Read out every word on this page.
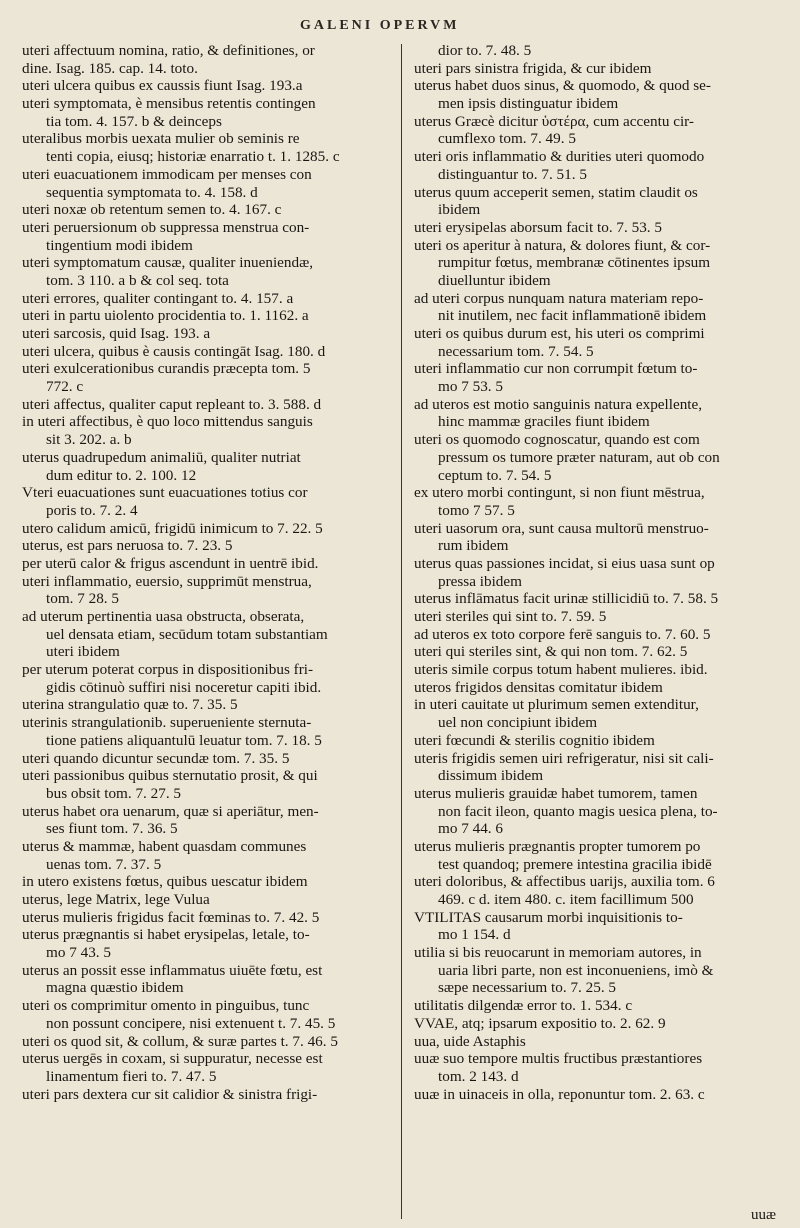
GALENI OPERVM
uteri affectuum nomina, ratio, & definitiones, or
dine. Isag. 185. cap. 14. toto.
uteri ulcera quibus ex caussis fiunt Isag. 193.a
uteri symptomata, è mensibus retentis contingen
tia tom. 4. 157. b & deinceps
uteralibus morbis uexata mulier ob seminis re
tenti copia, eiusq; historiæ enarratio t. 1. 1285. c
uteri euacuationem immodicam per menses con
sequentia symptomata to. 4. 158. d
uteri noxæ ob retentum semen to. 4. 167. c
uteri peruersionum ob suppressa menstrua con-
tingentium modi ibidem
uteri symptomatum causæ, qualiter inueniendæ,
tom. 3 110. a b & col seq. tota
uteri errores, qualiter contingant to. 4. 157. a
uteri in partu uiolento procidentia to. 1. 1162. a
uteri sarcosis, quid Isag. 193. a
uteri ulcera, quibus è causis contingāt Isag. 180. d
uteri exulcerationibus curandis præcepta tom. 5
772. c
uteri affectus, qualiter caput repleant to. 3. 588. d
in uteri affectibus, è quo loco mittendus sanguis
sit 3. 202. a. b
uterus quadrupedum animaliū, qualiter nutriat
dum editur to. 2. 100. 12
Vteri euacuationes sunt euacuationes totius cor
poris to. 7. 2. 4
utero calidum amicū, frigidū inimicum to 7. 22. 5
uterus, est pars neruosa to. 7. 23. 5
per uterū calor & frigus ascendunt in uentrē ibid.
uteri inflammatio, euersio, supprimūt menstrua,
tom. 7 28. 5
ad uterum pertinentia uasa obstructa, obserata,
uel densata etiam, secūdum totam substantiam
uteri ibidem
per uterum poterat corpus in dispositionibus fri-
gidis cōtinuò suffiri nisi noceretur capiti ibid.
uterina strangulatio quæ to. 7. 35. 5
uterinis strangulationib. superueniente sternuta-
tione patiens aliquantulū leuatur tom. 7. 18. 5
uteri quando dicuntur secundæ tom. 7. 35. 5
uteri passionibus quibus sternutatio prosit, & qui
bus obsit tom. 7. 27. 5
uterus habet ora uenarum, quæ si aperiātur, men-
ses fiunt tom. 7. 36. 5
uterus & mammæ, habent quasdam communes
uenas tom. 7. 37. 5
in utero existens fœtus, quibus uescatur ibidem
uterus, lege Matrix, lege Vulua
uterus mulieris frigidus facit fœminas to. 7. 42. 5
uterus prægnantis si habet erysipelas, letale, to-
mo 7 43. 5
uterus an possit esse inflammatus uiuēte fœtu, est
magna quæstio ibidem
uteri os comprimitur omento in pinguibus, tunc
non possunt concipere, nisi extenuent t. 7. 45. 5
uteri os quod sit, & collum, & suræ partes t. 7. 46. 5
uterus uergēs in coxam, si suppuratur, necesse est
linamentum fieri to. 7. 47. 5
uteri pars dextera cur sit calidior & sinistra frigi-
dior to. 7. 48. 5
uteri pars sinistra frigida, & cur ibidem
uterus habet duos sinus, & quomodo, & quod se-
men ipsis distinguatur ibidem
uterus Græcè dicitur ὑστέρα, cum accentu cir-
cumflexo tom. 7. 49. 5
uteri oris inflammatio & durities uteri quomodo
distinguantur to. 7. 51. 5
uterus quum acceperit semen, statim claudit os
ibidem
uteri erysipelas aborsum facit to. 7. 53. 5
uteri os aperitur à natura, & dolores fiunt, & cor-
rumpitur fœtus, membranæ cōtinentes ipsum
diuelluntur ibidem
ad uteri corpus nunquam natura materiam repo-
nit inutilem, nec facit inflammationē ibidem
uteri os quibus durum est, his uteri os comprimi
necessarium tom. 7. 54. 5
uteri inflammatio cur non corrumpit fœtum to-
mo 7 53. 5
ad uteros est motio sanguinis natura expellente,
hinc mammæ graciles fiunt ibidem
uteri os quomodo cognoscatur, quando est com
pressum os tumore præter naturam, aut ob con
ceptum to. 7. 54. 5
ex utero morbi contingunt, si non fiunt mēstrua,
tomo 7 57. 5
uteri uasorum ora, sunt causa multorū menstruo-
rum ibidem
uterus quas passiones incidat, si eius uasa sunt op
pressa ibidem
uterus inflāmatus facit urinæ stillicidiū to. 7. 58. 5
uteri steriles qui sint to. 7. 59. 5
ad uteros ex toto corpore ferē sanguis to. 7. 60. 5
uteri qui steriles sint, & qui non tom. 7. 62. 5
uteris simile corpus totum habent mulieres. ibid.
uteros frigidos densitas comitatur ibidem
in uteri cauitate ut plurimum semen extenditur,
uel non concipiunt ibidem
uteri fœcundi & sterilis cognitio ibidem
uteris frigidis semen uiri refrigeratur, nisi sit cali-
dissimum ibidem
uterus mulieris grauidæ habet tumorem, tamen
non facit ileon, quanto magis uesica plena, to-
mo 7 44. 6
uterus mulieris prægnantis propter tumorem po
test quandoq; premere intestina gracilia ibidē
uteri doloribus, & affectibus uarijs, auxilia tom. 6
469. c d. item 480. c. item facillimum 500
VTILITAS causarum morbi inquisitionis to-
mo 1 154. d
utilia si bis reuocarunt in memoriam autores, in
uaria libri parte, non est inconueniens, imò &
sæpe necessarium to. 7. 25. 5
utilitatis dilgendæ error to. 1. 534. c
VVAE, atq; ipsarum expositio to. 2. 62. 9
uua, uide Astaphis
uuæ suo tempore multis fructibus præstantiores
tom. 2 143. d
uuæ in uinaceis in olla, reponuntur tom. 2. 63. c
uuæ
